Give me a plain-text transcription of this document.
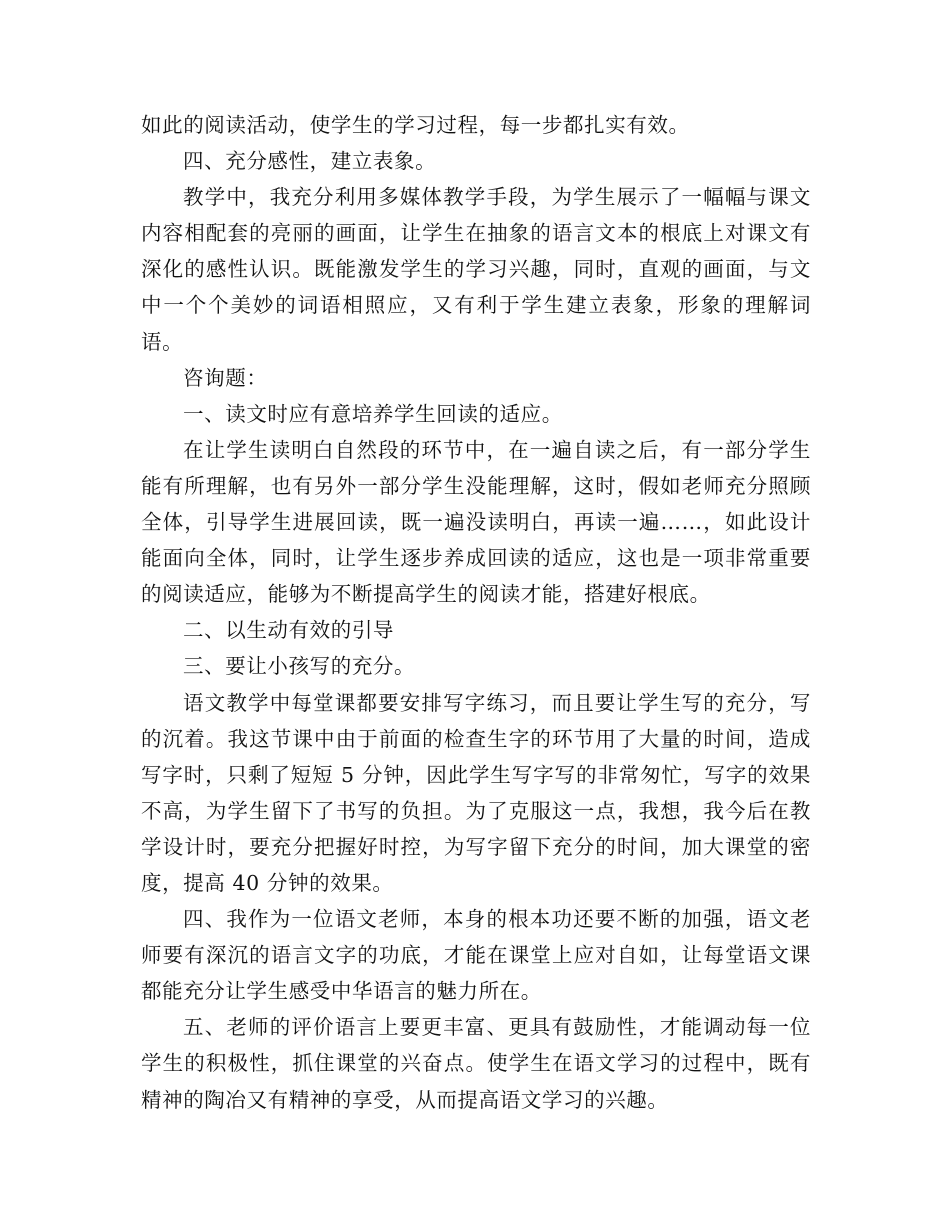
如此的阅读活动，使学生的学习过程，每一步都扎实有效。

四、充分感性，建立表象。

教学中，我充分利用多媒体教学手段，为学生展示了一幅幅与课文内容相配套的亮丽的画面，让学生在抽象的语言文本的根底上对课文有深化的感性认识。既能激发学生的学习兴趣，同时，直观的画面，与文中一个个美妙的词语相照应，又有利于学生建立表象，形象的理解词语。

咨询题：

一、读文时应有意培养学生回读的适应。

在让学生读明白自然段的环节中，在一遍自读之后，有一部分学生能有所理解，也有另外一部分学生没能理解，这时，假如老师充分照顾全体，引导学生进展回读，既一遍没读明白，再读一遍……，如此设计能面向全体，同时，让学生逐步养成回读的适应，这也是一项非常重要的阅读适应，能够为不断提高学生的阅读才能，搭建好根底。

二、以生动有效的引导

三、要让小孩写的充分。

语文教学中每堂课都要安排写字练习，而且要让学生写的充分，写的沉着。我这节课中由于前面的检查生字的环节用了大量的时间，造成写字时，只剩了短短 5 分钟，因此学生写字写的非常匆忙，写字的效果不高，为学生留下了书写的负担。为了克服这一点，我想，我今后在教学设计时，要充分把握好时控，为写字留下充分的时间，加大课堂的密度，提高 40 分钟的效果。

四、我作为一位语文老师，本身的根本功还要不断的加强，语文老师要有深沉的语言文字的功底，才能在课堂上应对自如，让每堂语文课都能充分让学生感受中华语言的魅力所在。

五、老师的评价语言上要更丰富、更具有鼓励性，才能调动每一位学生的积极性，抓住课堂的兴奋点。使学生在语文学习的过程中，既有精神的陶冶又有精神的享受，从而提高语文学习的兴趣。
